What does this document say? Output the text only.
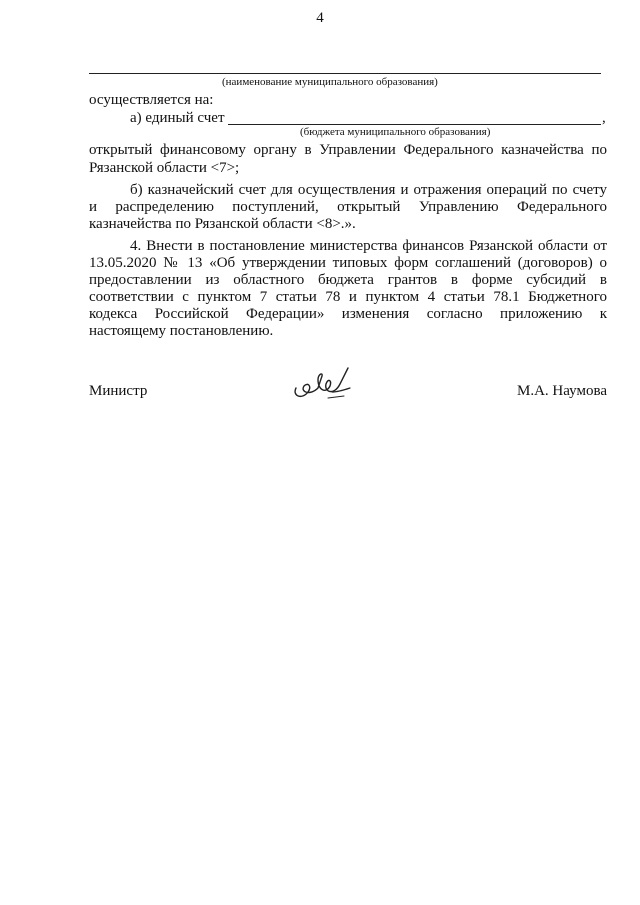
4
(наименование муниципального образования)
осуществляется на:
а) единый счет	,
(бюджета муниципального образования)
открытый финансовому органу в Управлении Федерального казначейства по
Рязанской области <7>;
б) казначейский счет для осуществления и отражения операций по счету
и распределению поступлений, открытый Управлению Федерального
казначейства по Рязанской области <8>.».
4. Внести в постановление министерства финансов Рязанской области от
13.05.2020 № 13 «Об утверждении типовых форм соглашений (договоров) о
предоставлении из областного бюджета грантов в форме субсидий в
соответствии с пунктом 7 статьи 78 и пунктом 4 статьи 78.1 Бюджетного
кодекса Российской Федерации» изменения согласно приложению к
настоящему постановлению.
Министр	М.А. Наумова
